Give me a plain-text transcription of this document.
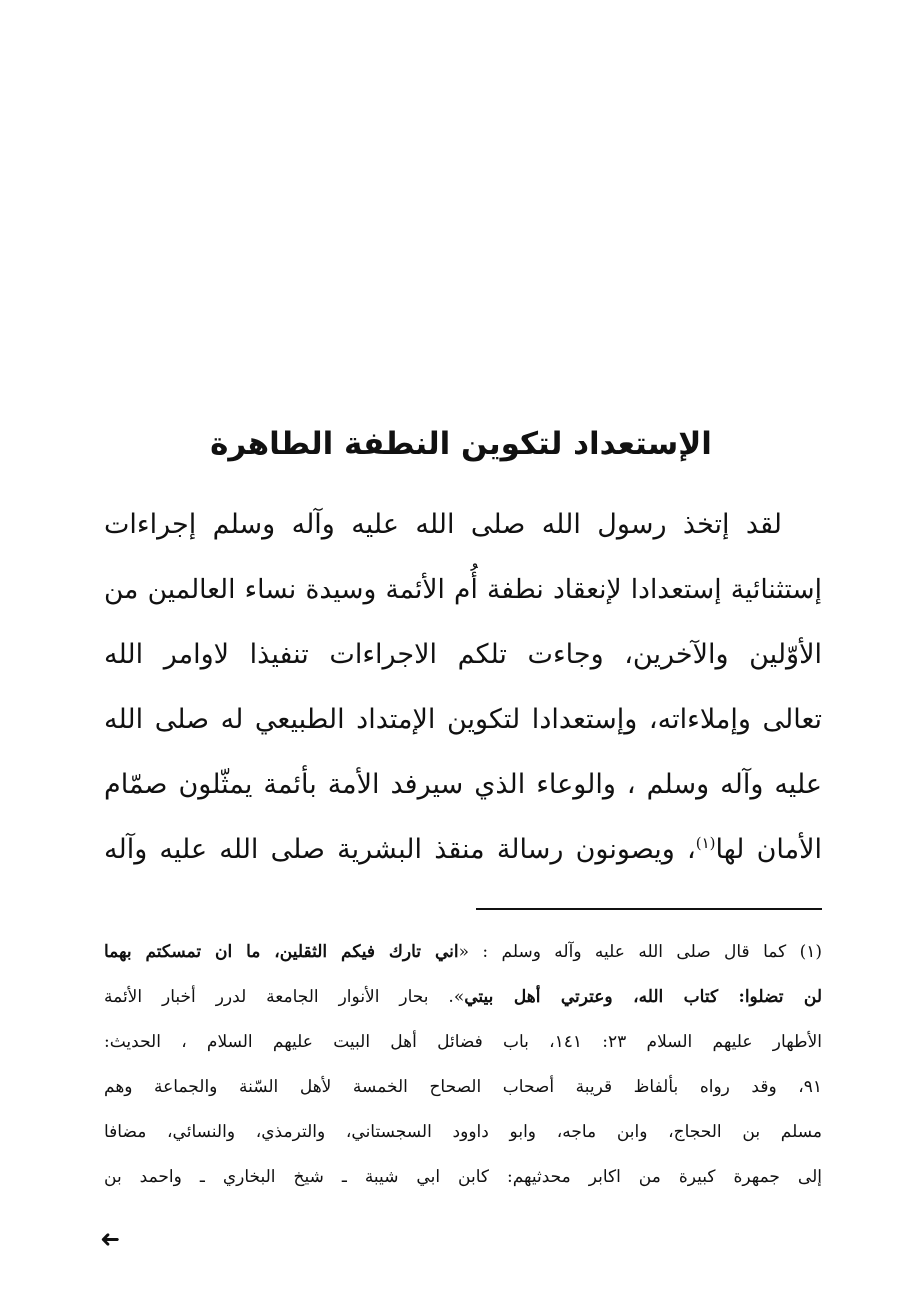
الإستعداد لتكوين النطفة الطاهرة
لقد إتخذ رسول الله صلى الله عليه وآله وسلم إجراءات
إستثنائية إستعدادا لإنعقاد نطفة أُم الأئمة وسيدة نساء العالمين من
الأوّلين والآخرين، وجاءت تلكم الاجراءات تنفيذا لاوامر الله
تعالى وإملاءاته، وإستعدادا لتكوين الإمتداد الطبيعي له صلى الله
عليه وآله وسلم ، والوعاء الذي سيرفد الأمة بأئمة يمثّلون صمّام
الأمان لها$^{(١)}$، ويصونون رسالة منقذ البشرية صلى الله عليه وآله
(١) كما قال صلى الله عليه وآله وسلم : «اني تارك فيكم الثقلين، ما ان تمسكتم بهما
لن تضلوا: كتاب الله، وعترتي أهل بيتي». بحار الأنوار الجامعة لدرر أخبار الأئمة
الأطهار عليهم السلام ٢٣: ١٤١، باب فضائل أهل البيت عليهم السلام ، الحديث:
٩١، وقد رواه بألفاظ قريبة أصحاب الصحاح الخمسة لأهل السّنة والجماعة وهم
مسلم بن الحجاج، وابن ماجه، وابو داوود السجستاني، والترمذي، والنسائي، مضافا
إلى جمهرة كبيرة من اكابر محدثيهم: كابن ابي شيبة ـ شيخ البخاري ـ واحمد بن
➜
